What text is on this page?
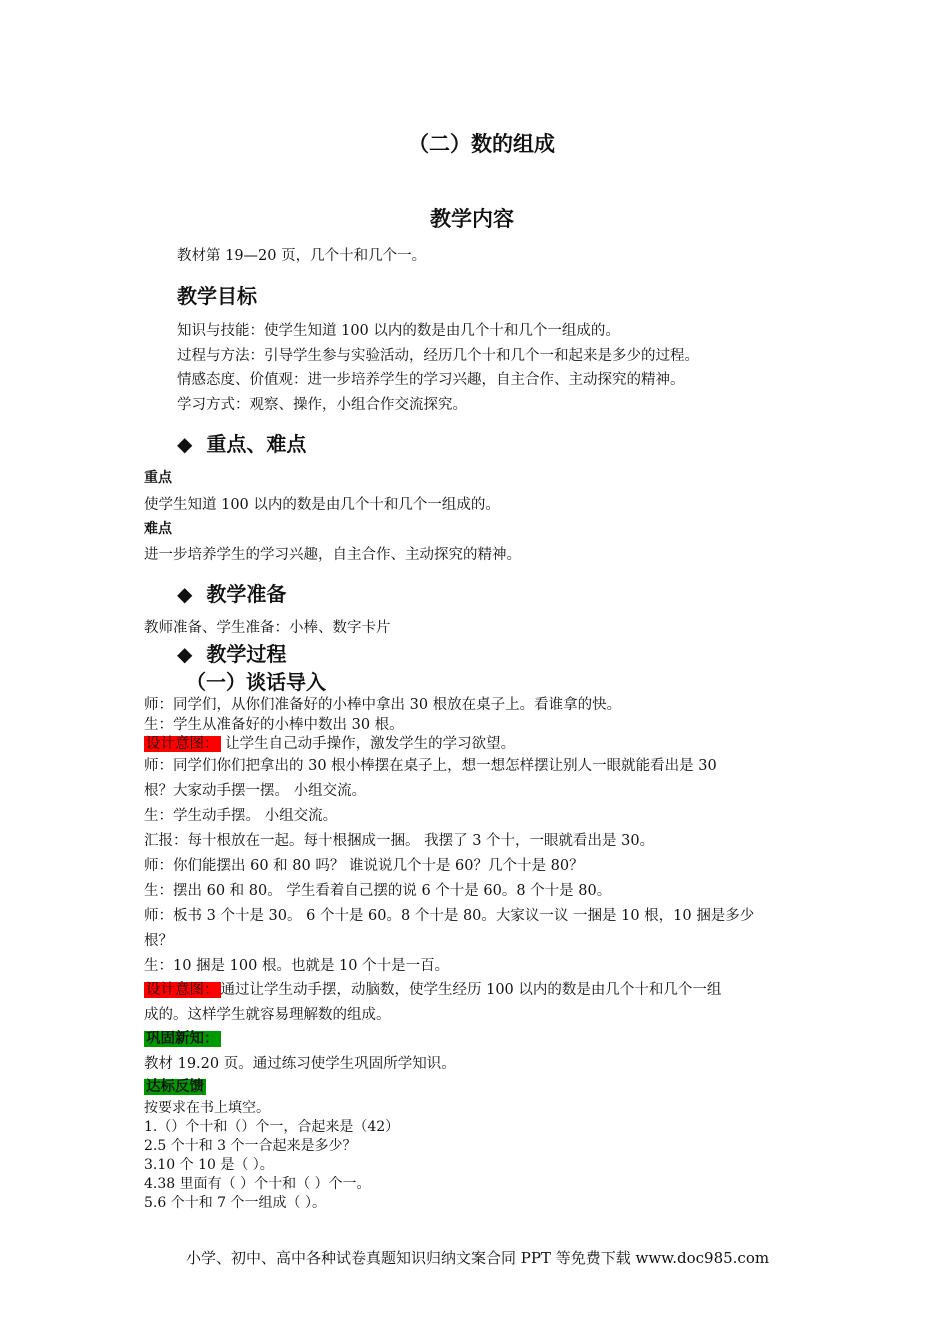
（二）数的组成
教学内容
教材第 19—20 页，几个十和几个一。
教学目标
知识与技能：使学生知道 100 以内的数是由几个十和几个一组成的。
过程与方法：引导学生参与实验活动，经历几个十和几个一和起来是多少的过程。
情感态度、价值观：进一步培养学生的学习兴趣，自主合作、主动探究的精神。
学习方式：观察、操作，小组合作交流探究。
◆ 重点、难点
重点
使学生知道 100 以内的数是由几个十和几个一组成的。
难点
进一步培养学生的学习兴趣，自主合作、主动探究的精神。
◆ 教学准备
教师准备、学生准备：小棒、数字卡片
◆ 教学过程
（一）谈话导入
师：同学们，从你们准备好的小棒中拿出 30 根放在桌子上。看谁拿的快。
生：学生从准备好的小棒中数出 30 根。
设计意图： 让学生自己动手操作，激发学生的学习欲望。
师：同学们你们把拿出的 30 根小棒摆在桌子上，想一想怎样摆让别人一眼就能看出是 30
根？大家动手摆一摆。 小组交流。
生：学生动手摆。 小组交流。
汇报：每十根放在一起。每十根捆成一捆。 我摆了 3 个十，一眼就看出是 30。
师：你们能摆出 60 和 80 吗？ 谁说说几个十是 60？几个十是 80？
生：摆出 60 和 80。 学生看着自己摆的说 6 个十是 60。8 个十是 80。
师：板书 3 个十是 30。 6 个十是 60。8 个十是 80。大家议一议 一捆是 10 根，10 捆是多少
根？
生：10 捆是 100 根。也就是 10 个十是一百。
设计意图： 通过让学生动手摆，动脑数，使学生经历 100 以内的数是由几个十和几个一组
成的。这样学生就容易理解数的组成。
巩固新知：
教材 19.20 页。通过练习使学生巩固所学知识。
达标反馈
按要求在书上填空。
1.（）个十和（）个一，合起来是（42）
2.5 个十和 3 个一合起来是多少？
3.10 个 10 是（ ）。
4.38 里面有（ ）个十和（ ）个一。
5.6 个十和 7 个一组成（ ）。
小学、初中、高中各种试卷真题知识归纳文案合同 PPT 等免费下载 www.doc985.com
